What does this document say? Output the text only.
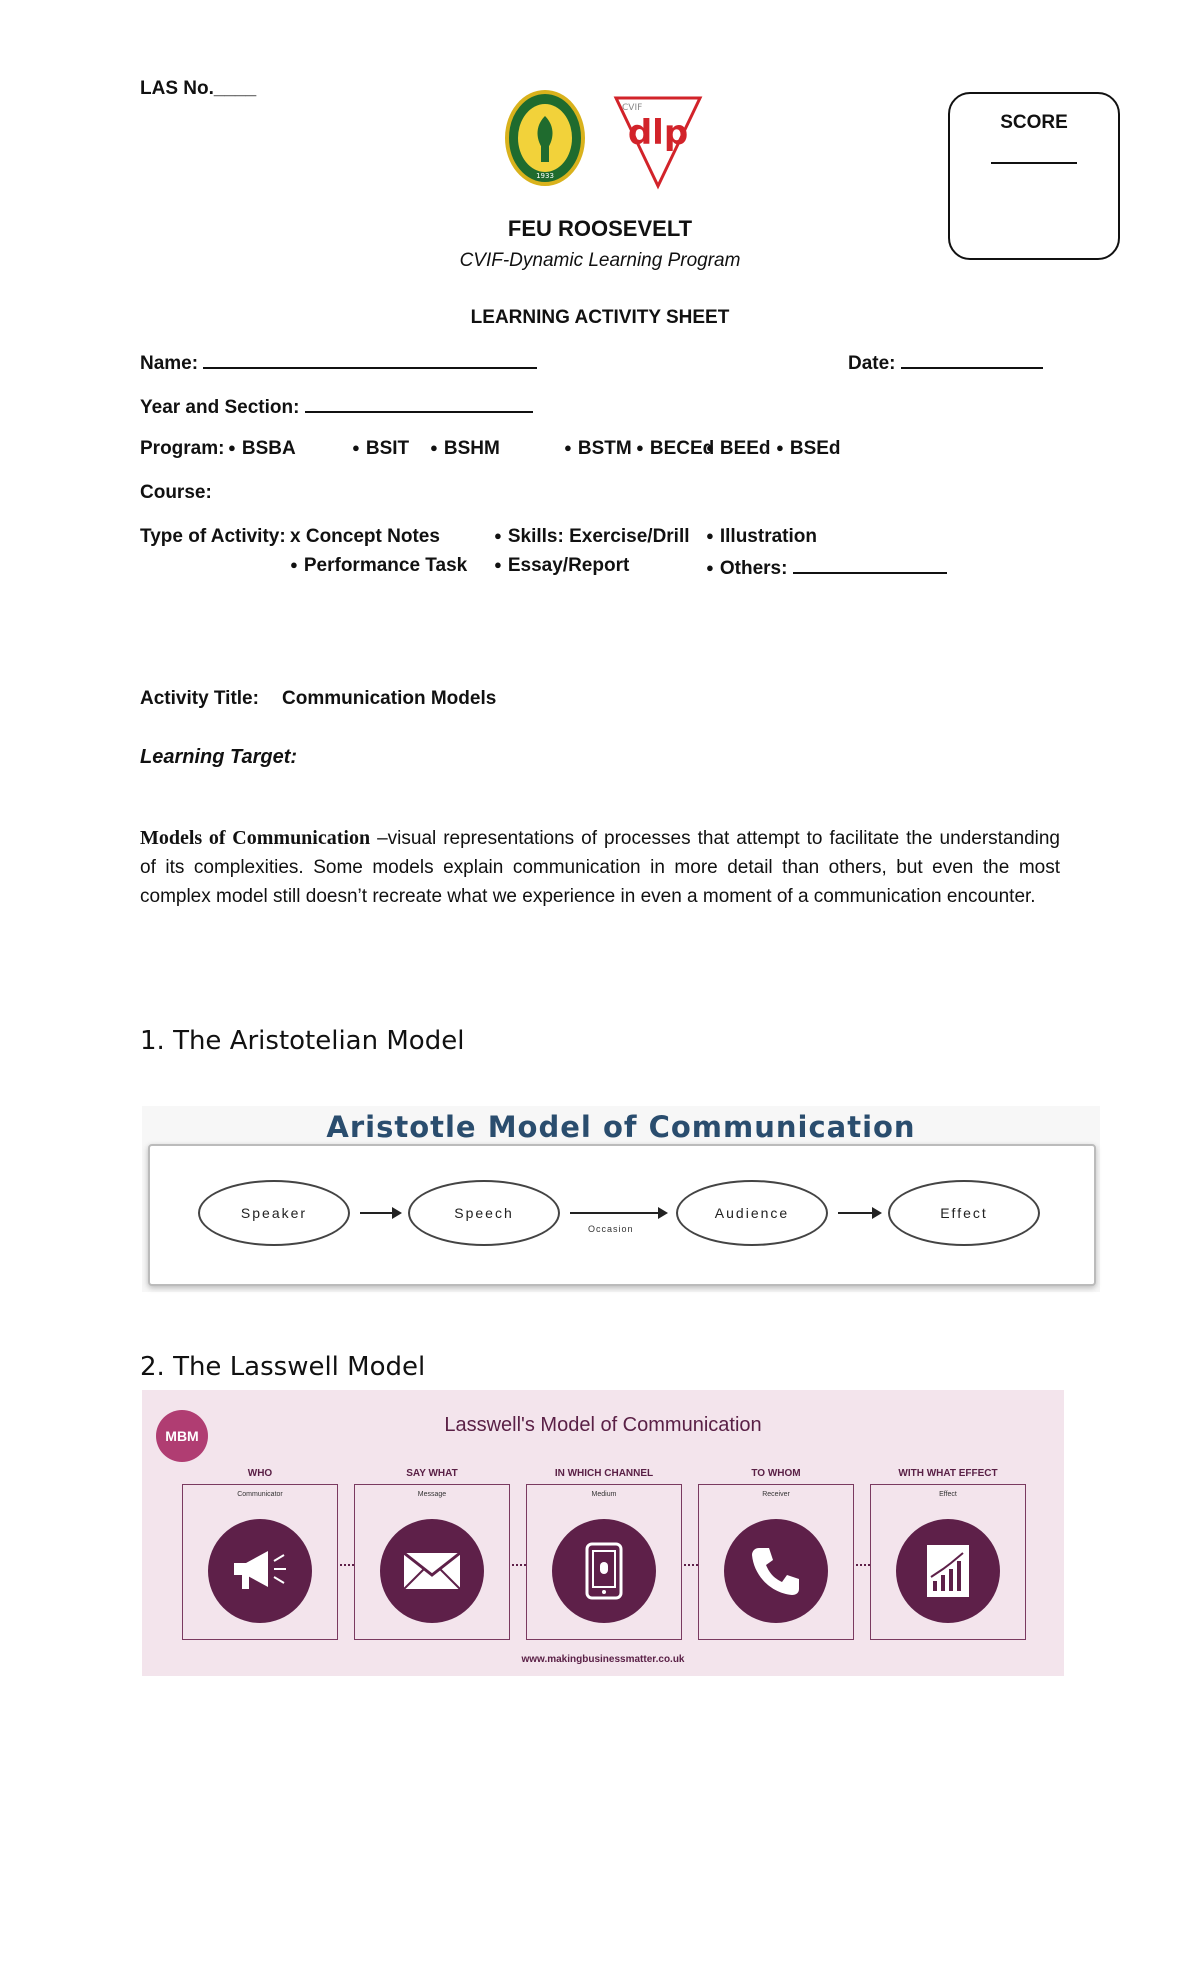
LAS No.____
1933
CVIF
dlp	SCORE
FEU ROOSEVELT
CVIF-Dynamic Learning Program
LEARNING ACTIVITY SHEET
Name:	Date:
Year and Section:
Program: ● BSBA	● BSIT	● BSHM	● BSTM ● BECEd ● BEEd	● BSEd
Course:
Type of Activity: x Concept Notes	● Skills: Exercise/Drill	● Illustration
● Performance Task	● Essay/Report	● Others:
Activity Title: Communication Models
Learning Target:
Models of Communication –visual representations of processes that attempt to facilitate the understanding of its complexities. Some models explain communication in more detail than others, but even the most complex model still doesn’t recreate what we experience in even a moment of a communication encounter.
1. The Aristotelian Model
Aristotle Model of Communication
Speaker	Speech
Occasion
Audience	Effect
2. The Lasswell Model
MBM	Lasswell's Model of Communication
WHO
Communicator
SAY WHAT
Message
IN WHICH CHANNEL
Medium
TO WHOM
Receiver
WITH WHAT EFFECT
Effect
www.makingbusinessmatter.co.uk
